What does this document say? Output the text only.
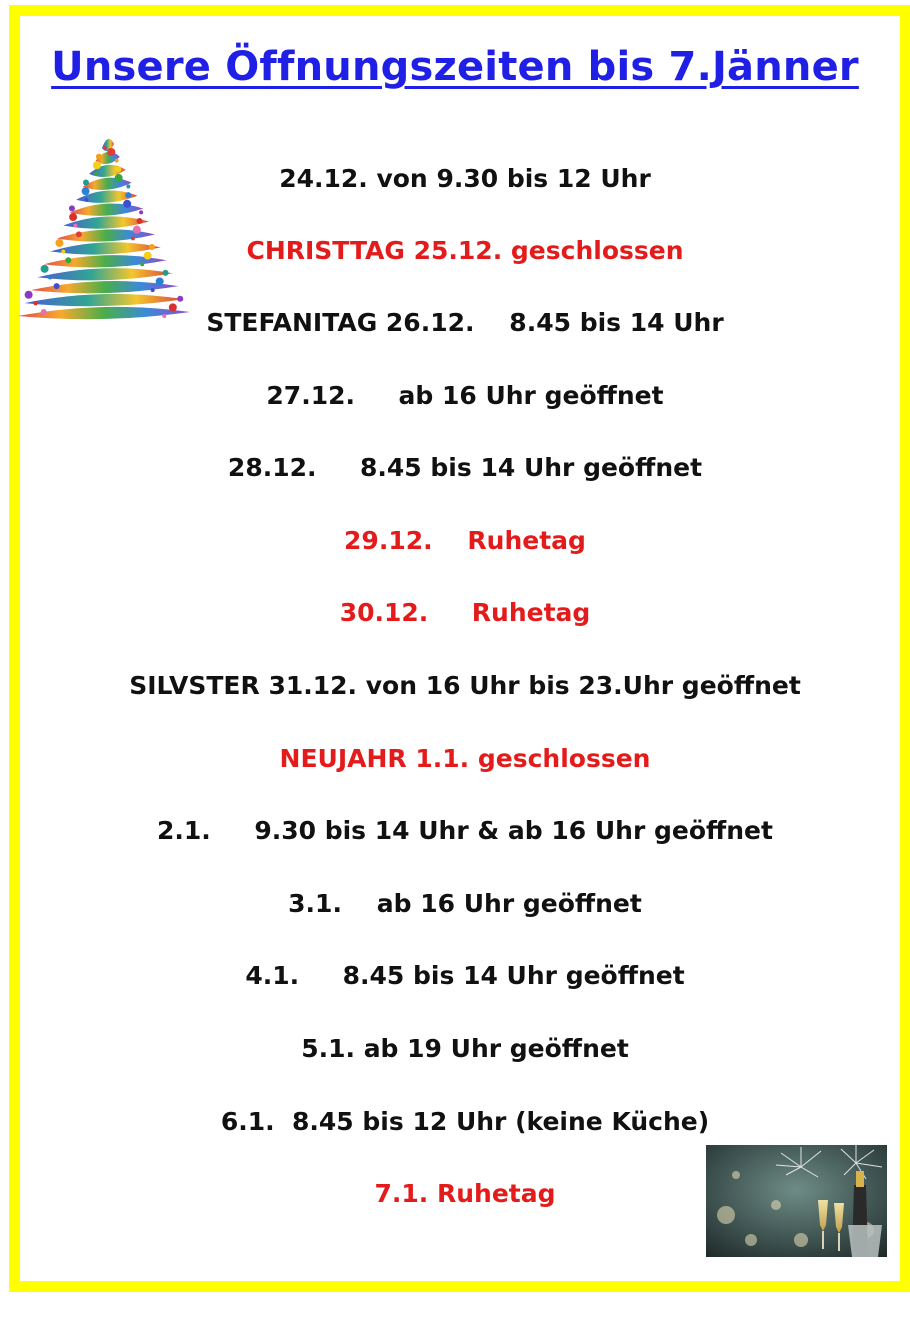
Unsere Öffnungszeiten bis 7.Jänner
24.12. von 9.30 bis 12 Uhr
CHRISTTAG 25.12. geschlossen
STEFANITAG 26.12.    8.45 bis 14 Uhr
27.12.     ab 16 Uhr geöffnet
28.12.     8.45 bis 14 Uhr geöffnet
29.12.    Ruhetag
30.12.     Ruhetag
SILVSTER 31.12. von 16 Uhr bis 23.Uhr geöffnet
NEUJAHR 1.1. geschlossen
2.1.     9.30 bis 14 Uhr & ab 16 Uhr geöffnet
3.1.    ab 16 Uhr geöffnet
4.1.     8.45 bis 14 Uhr geöffnet
5.1. ab 19 Uhr geöffnet
6.1.  8.45 bis 12 Uhr (keine Küche)
7.1. Ruhetag
